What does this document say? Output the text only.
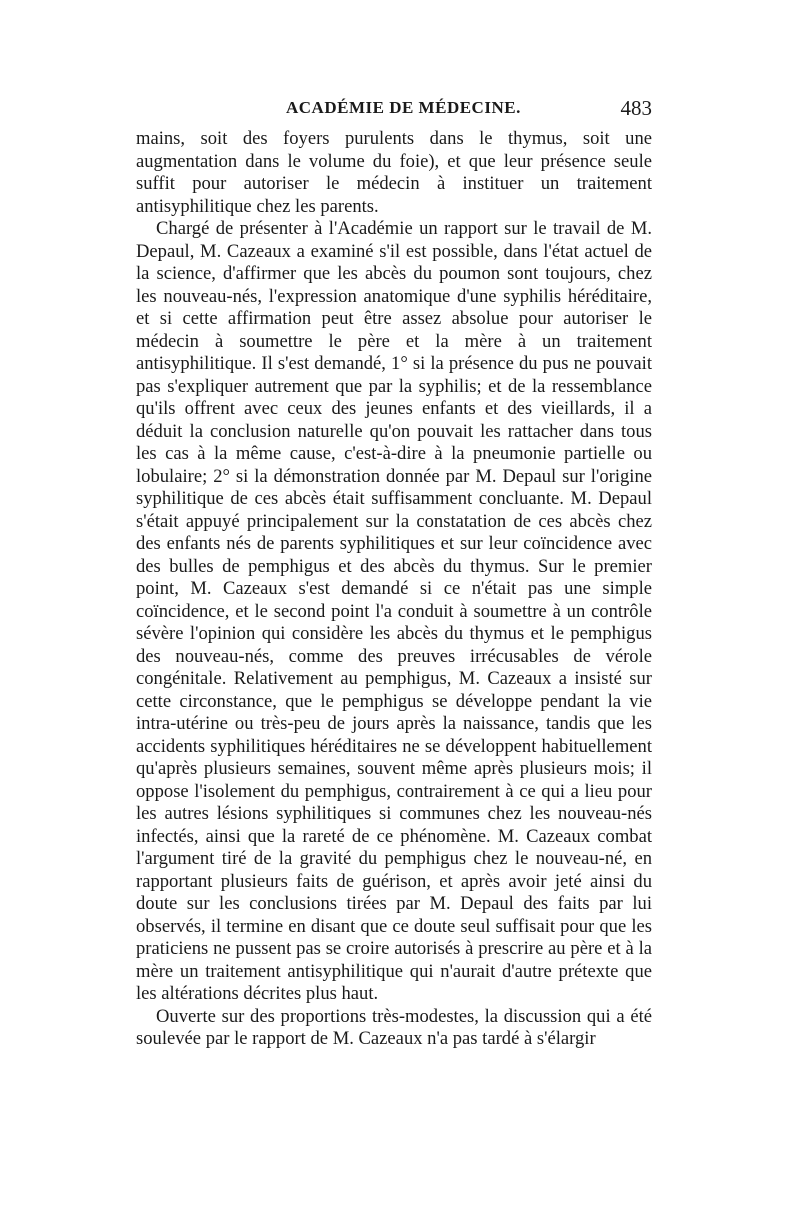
ACADÉMIE DE MÉDECINE.	483

mains, soit des foyers purulents dans le thymus, soit une augmentation dans le volume du foie), et que leur présence seule suffit pour autoriser le médecin à instituer un traitement antisyphilitique chez les parents.

Chargé de présenter à l'Académie un rapport sur le travail de M. Depaul, M. Cazeaux a examiné s'il est possible, dans l'état actuel de la science, d'affirmer que les abcès du poumon sont toujours, chez les nouveau-nés, l'expression anatomique d'une syphilis héréditaire, et si cette affirmation peut être assez absolue pour autoriser le médecin à soumettre le père et la mère à un traitement antisyphilitique. Il s'est demandé, 1° si la présence du pus ne pouvait pas s'expliquer autrement que par la syphilis; et de la ressemblance qu'ils offrent avec ceux des jeunes enfants et des vieillards, il a déduit la conclusion naturelle qu'on pouvait les rattacher dans tous les cas à la même cause, c'est-à-dire à la pneumonie partielle ou lobulaire; 2° si la démonstration donnée par M. Depaul sur l'origine syphilitique de ces abcès était suffisamment concluante. M. Depaul s'était appuyé principalement sur la constatation de ces abcès chez des enfants nés de parents syphilitiques et sur leur coïncidence avec des bulles de pemphigus et des abcès du thymus. Sur le premier point, M. Cazeaux s'est demandé si ce n'était pas une simple coïncidence, et le second point l'a conduit à soumettre à un contrôle sévère l'opinion qui considère les abcès du thymus et le pemphigus des nouveau-nés, comme des preuves irrécusables de vérole congénitale. Relativement au pemphigus, M. Cazeaux a insisté sur cette circonstance, que le pemphigus se développe pendant la vie intra-utérine ou très-peu de jours après la naissance, tandis que les accidents syphilitiques héréditaires ne se développent habituellement qu'après plusieurs semaines, souvent même après plusieurs mois; il oppose l'isolement du pemphigus, contrairement à ce qui a lieu pour les autres lésions syphilitiques si communes chez les nouveau-nés infectés, ainsi que la rareté de ce phénomène. M. Cazeaux combat l'argument tiré de la gravité du pemphigus chez le nouveau-né, en rapportant plusieurs faits de guérison, et après avoir jeté ainsi du doute sur les conclusions tirées par M. Depaul des faits par lui observés, il termine en disant que ce doute seul suffisait pour que les praticiens ne pussent pas se croire autorisés à prescrire au père et à la mère un traitement antisyphilitique qui n'aurait d'autre prétexte que les altérations décrites plus haut.

Ouverte sur des proportions très-modestes, la discussion qui a été soulevée par le rapport de M. Cazeaux n'a pas tardé à s'élargir
